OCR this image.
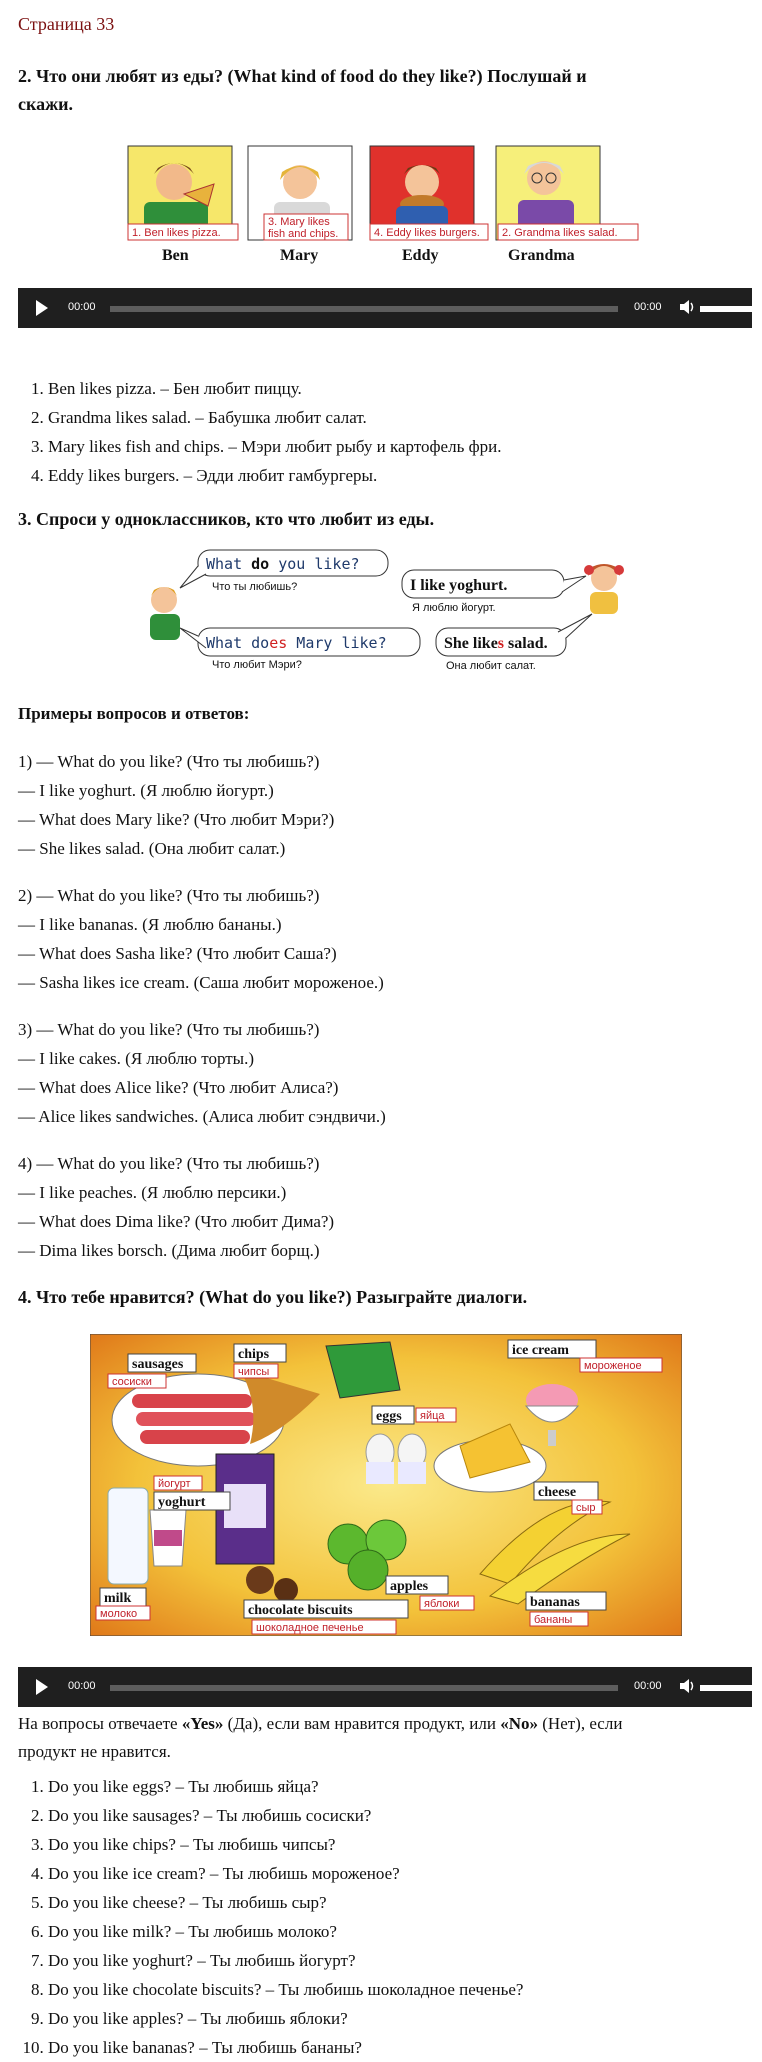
Страница 33
2. Что они любят из еды? (What kind of food do they like?) Послушай и
скажи.
1. Ben likes pizza.
Ben
3. Mary likes
fish and chips.
Mary
4. Eddy likes burgers.
Eddy
2. Grandma likes salad.
Grandma
00:00	00:00
1. Ben likes pizza. – Бен любит пиццу.
2. Grandma likes salad. – Бабушка любит салат.
3. Mary likes fish and chips. – Мэри любит рыбу и картофель фри.
4. Eddy likes burgers. – Эдди любит гамбургеры.
3. Спроси у одноклассников, кто что любит из еды.
What do you like?
Что ты любишь?	I like yoghurt.
Я люблю йогурт.
What does Mary like?
Что любит Мэри?
She likes salad.
Она любит салат.
Примеры вопросов и ответов:
1) — What do you like? (Что ты любишь?)
— I like yoghurt. (Я люблю йогурт.)
— What does Mary like? (Что любит Мэри?)
— She likes salad. (Она любит салат.)
2) — What do you like? (Что ты любишь?)
— I like bananas. (Я люблю бананы.)
— What does Sasha like? (Что любит Саша?)
— Sasha likes ice cream. (Саша любит мороженое.)
3) — What do you like? (Что ты любишь?)
— I like cakes. (Я люблю торты.)
— What does Alice like? (Что любит Алиса?)
— Alice likes sandwiches. (Алиса любит сэндвичи.)
4) — What do you like? (Что ты любишь?)
— I like peaches. (Я люблю персики.)
— What does Dima like? (Что любит Дима?)
— Dima likes borsch. (Дима любит борщ.)
4. Что тебе нравится? (What do you like?) Разыграйте диалоги.
sausages
сосиски
chips
чипсы
ice cream
мороженое
eggs яйца
йогурт
yoghurt
cheese
сыр
milk
молоко
apples
яблоки
chocolate biscuits
шоколадное печенье
bananas
бананы
00:00	00:00
На вопросы отвечаете «Yes» (Да), если вам нравится продукт, или «No» (Нет), если
продукт не нравится.
1. Do you like eggs? – Ты любишь яйца?
2. Do you like sausages? – Ты любишь сосиски?
3. Do you like chips? – Ты любишь чипсы?
4. Do you like ice cream? – Ты любишь мороженое?
5. Do you like cheese? – Ты любишь сыр?
6. Do you like milk? – Ты любишь молоко?
7. Do you like yoghurt? – Ты любишь йогурт?
8. Do you like chocolate biscuits? – Ты любишь шоколадное печенье?
9. Do you like apples? – Ты любишь яблоки?
10. Do you like bananas? – Ты любишь бананы?
